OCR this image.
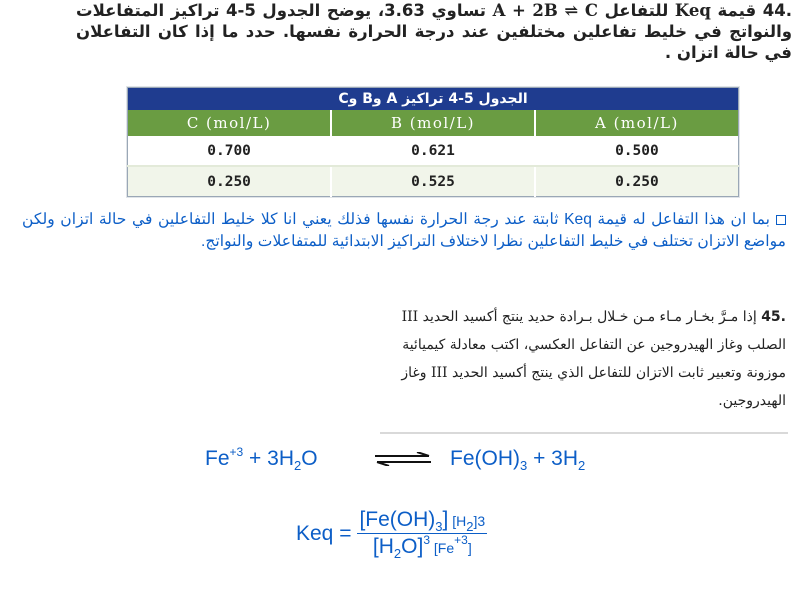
44. قيمة Keq للتفاعل A + 2B ⇌ C تساوي 3.63، يوضح الجدول 5-4 تراكيز المتفاعلات والنواتج في خليط تفاعلين مختلفين عند درجة الحرارة نفسها. حدد ما إذا كان التفاعلان في حالة اتزان .
الجدول 5-4 تراكيز A وB وC		
C (mol/L)	B (mol/L)	A (mol/L)
0.700	0.621	0.500
0.250	0.525	0.250
بما ان هذا التفاعل له قيمة Keq ثابتة عند رجة الحرارة نفسها فذلك يعني انا كلا خليط التفاعلين في حالة اتزان ولكن مواضع الاتزان تختلف في خليط التفاعلين نظرا لاختلاف التراكيز الابتدائية للمتفاعلات والنواتج.
45. إذا مـرَّ بخـار مـاء مـن خـلال بـرادة حديد ينتج أكسيد الحديد III الصلب وغاز الهيدروجين عن التفاعل العكسي، اكتب معادلة كيميائية موزونة وتعبير ثابت الاتزان للتفاعل الذي ينتج أكسيد الحديد III وغاز الهيدروجين.
$Fe^{+3} + 3H_2O$	⇌ $Fe(OH)_3 + 3H_2$
Keq = $\frac{[Fe(OH)_3] [H_2]3}{[H_2O]^3 [Fe^{+3}]}$
